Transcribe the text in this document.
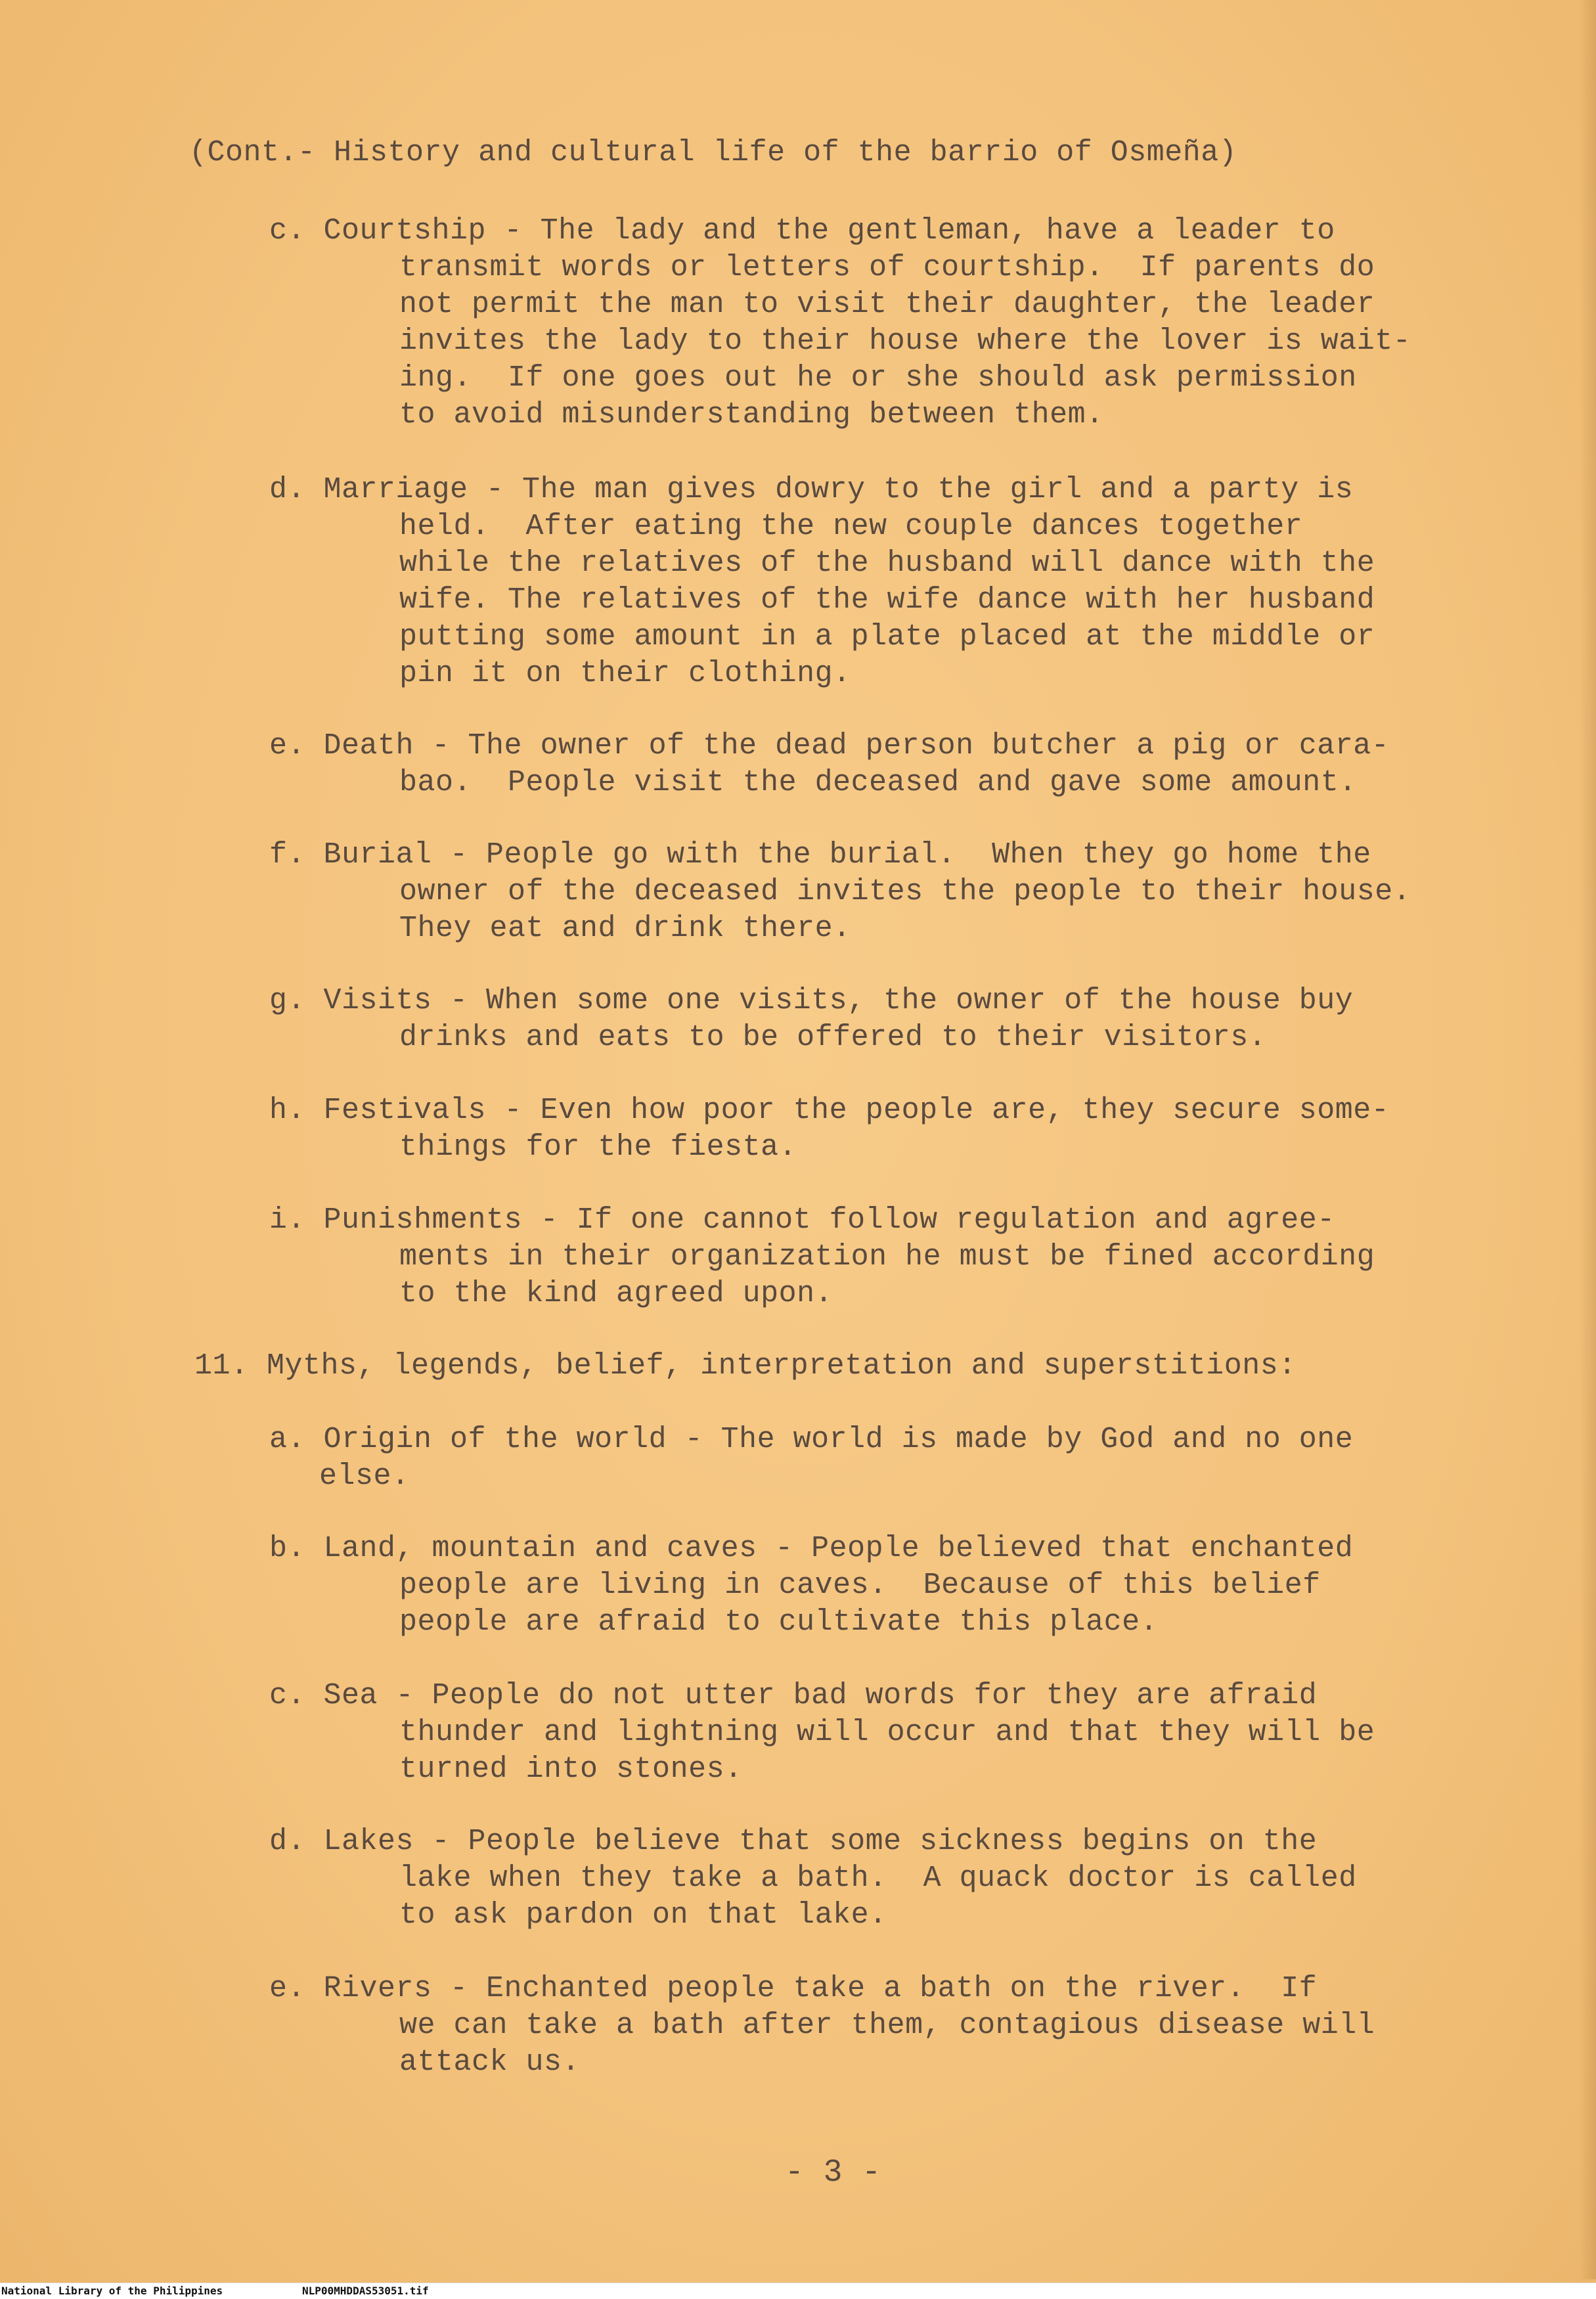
(Cont.- History and cultural life of the barrio of Osmeña)
c. Courtship - The lady and the gentleman, have a leader to
transmit words or letters of courtship.  If parents do
not permit the man to visit their daughter, the leader
invites the lady to their house where the lover is wait-
ing.  If one goes out he or she should ask permission
to avoid misunderstanding between them.
d. Marriage - The man gives dowry to the girl and a party is
held.  After eating the new couple dances together
while the relatives of the husband will dance with the
wife. The relatives of the wife dance with her husband
putting some amount in a plate placed at the middle or
pin it on their clothing.
e. Death - The owner of the dead person butcher a pig or cara-
bao.  People visit the deceased and gave some amount.
f. Burial - People go with the burial.  When they go home the
owner of the deceased invites the people to their house.
They eat and drink there.
g. Visits - When some one visits, the owner of the house buy
drinks and eats to be offered to their visitors.
h. Festivals - Even how poor the people are, they secure some-
things for the fiesta.
i. Punishments - If one cannot follow regulation and agree-
ments in their organization he must be fined according
to the kind agreed upon.
11. Myths, legends, belief, interpretation and superstitions:
a. Origin of the world - The world is made by God and no one
else.
b. Land, mountain and caves - People believed that enchanted
people are living in caves.  Because of this belief
people are afraid to cultivate this place.
c. Sea - People do not utter bad words for they are afraid
thunder and lightning will occur and that they will be
turned into stones.
d. Lakes - People believe that some sickness begins on the
lake when they take a bath.  A quack doctor is called
to ask pardon on that lake.
e. Rivers - Enchanted people take a bath on the river.  If
we can take a bath after them, contagious disease will
attack us.
- 3 -
National Library of the Philippines	NLP00MHDDAS53051.tif
